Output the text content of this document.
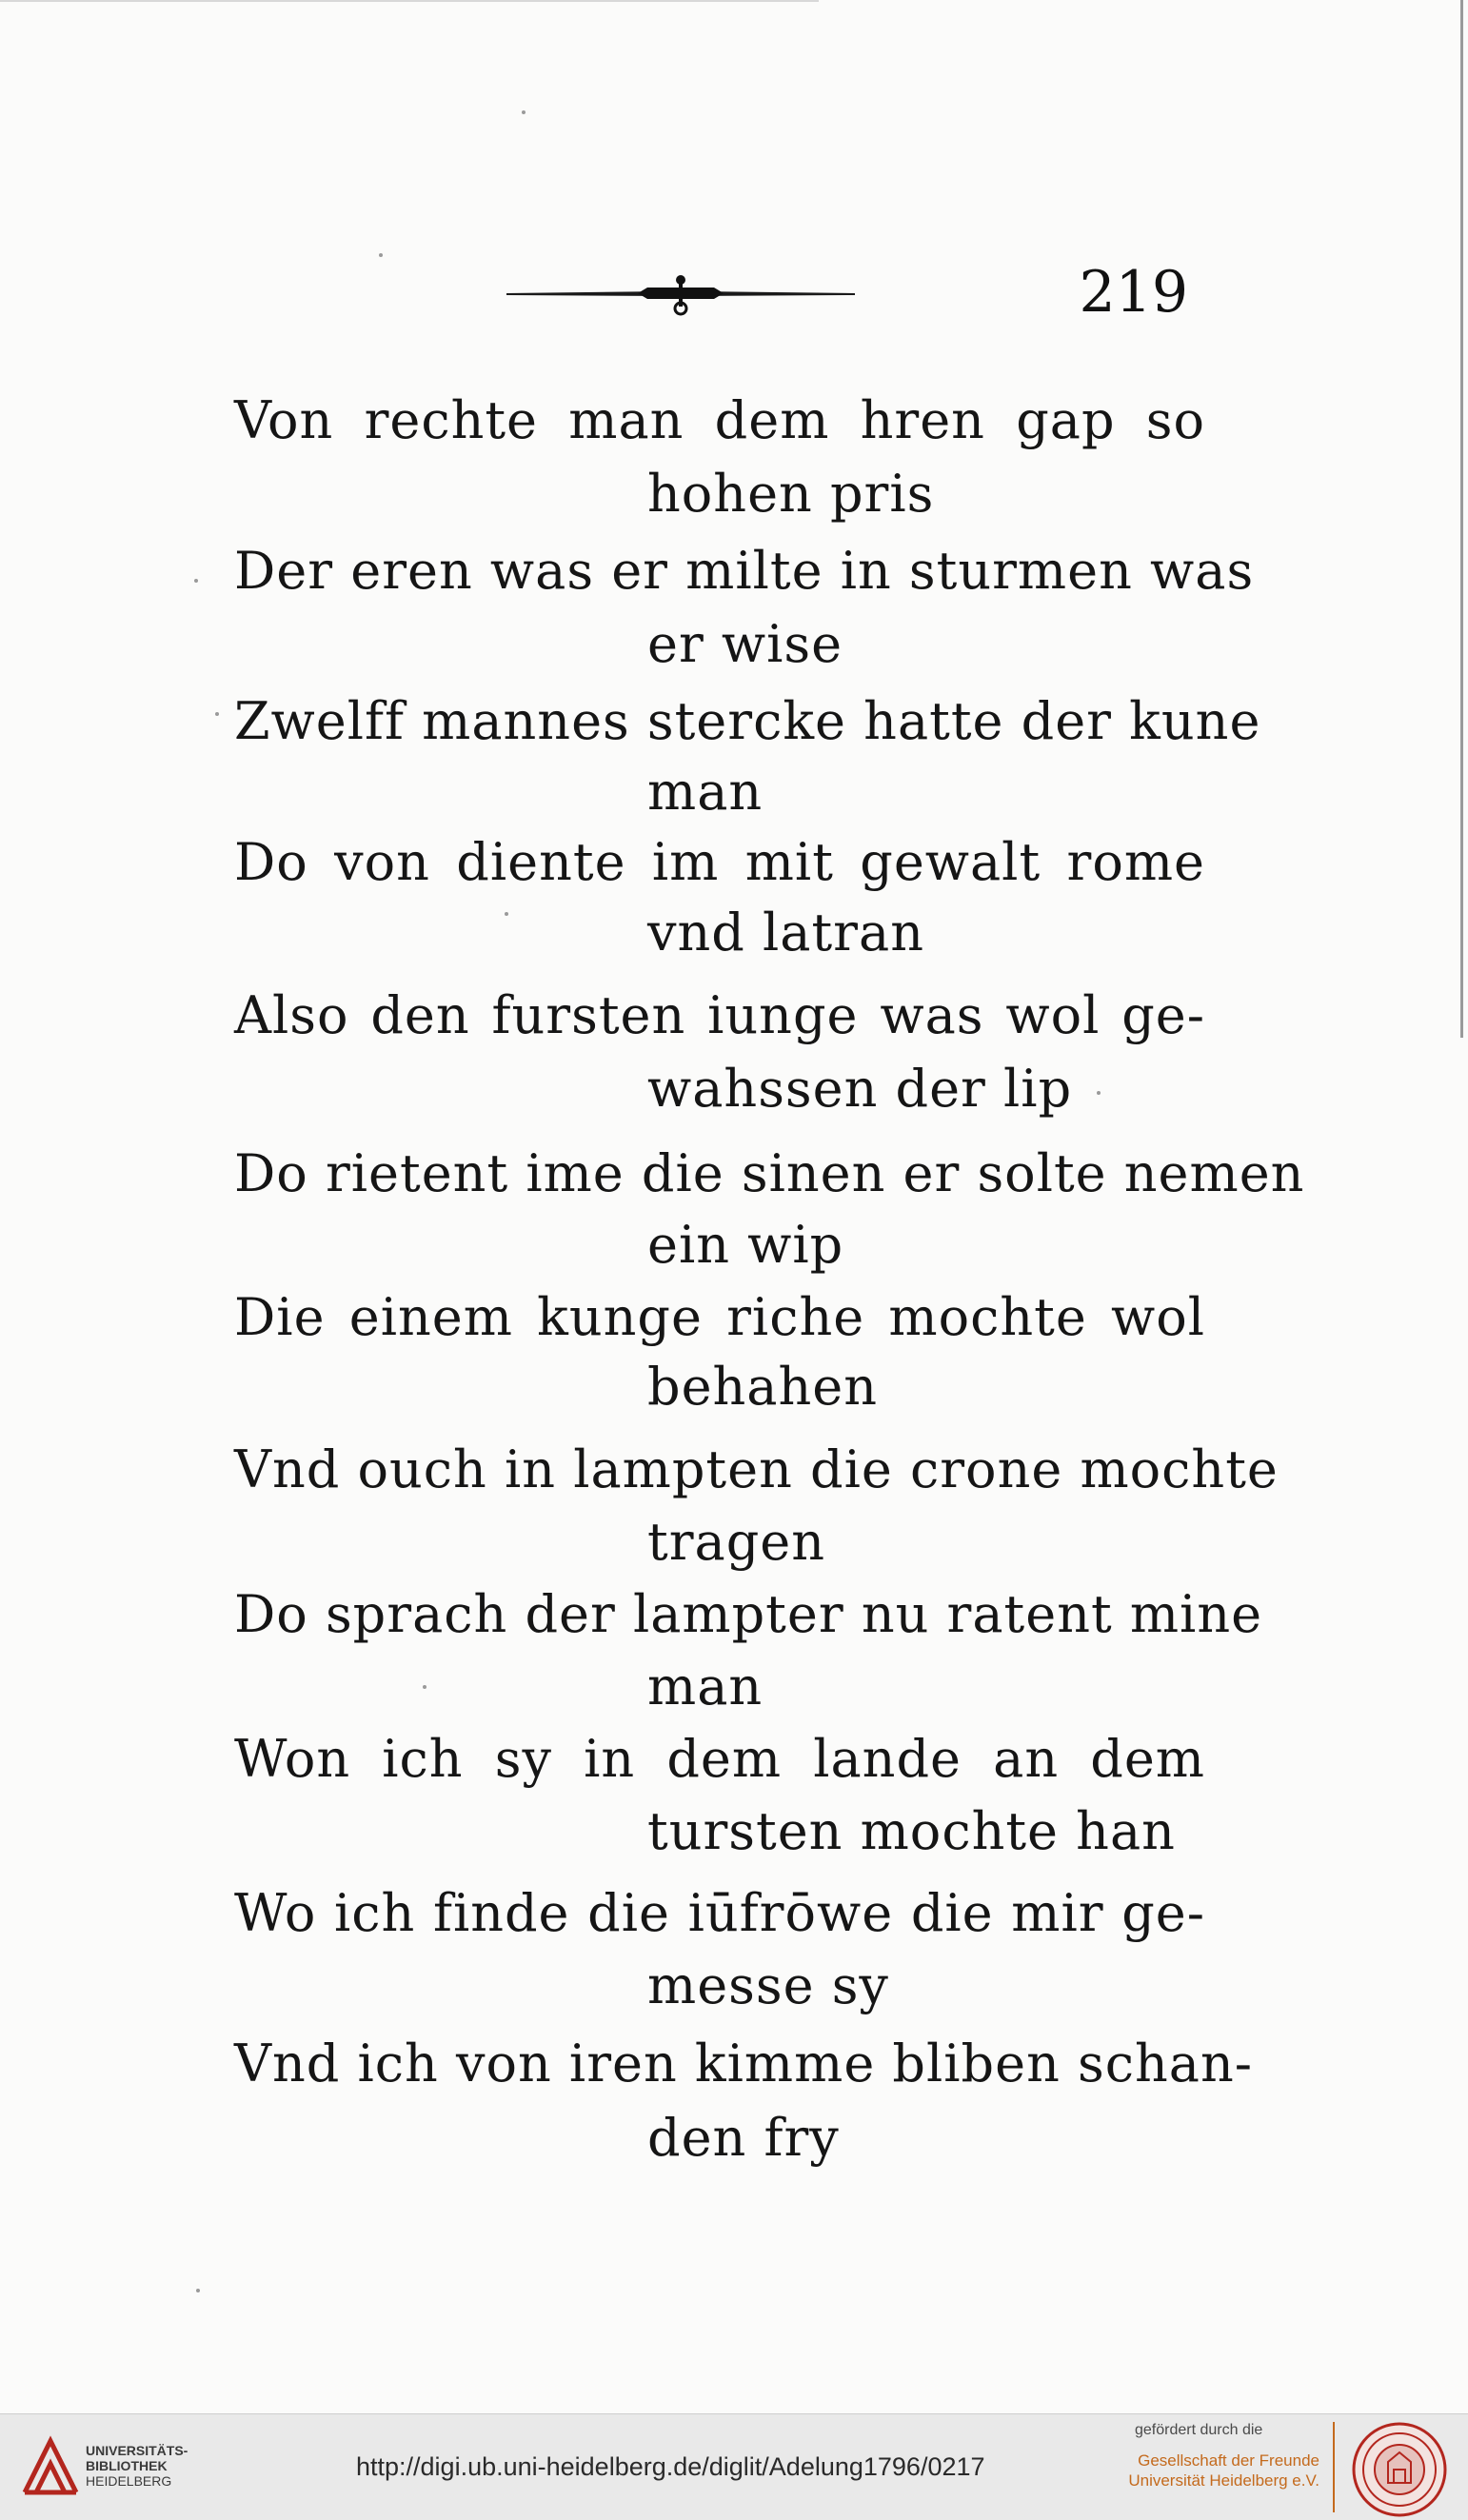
219

Von rechte man dem hren gap so

hohen pris

Der eren was er milte in sturmen was

er wise

Zwelff mannes stercke hatte der kune

man

Do von diente im mit gewalt rome

vnd latran

Also den fursten iunge was wol ge-

wahssen der lip

Do rietent ime die sinen er solte nemen

ein wip

Die einem kunge riche mochte wol

behahen

Vnd ouch in lampten die crone mochte

tragen

Do sprach der lampter nu ratent mine

man

Won ich sy in dem lande an dem

tursten mochte han

Wo ich finde die iūfrōwe die mir ge-

messe sy

Vnd ich von iren kimme bliben schan-

den fry

UNIVERSITÄTS-
BIBLIOTHEK
HEIDELBERG	http://digi.ub.uni-heidelberg.de/diglit/Adelung1796/0217
gefördert durch die
Gesellschaft der Freunde
Universität Heidelberg e.V.
